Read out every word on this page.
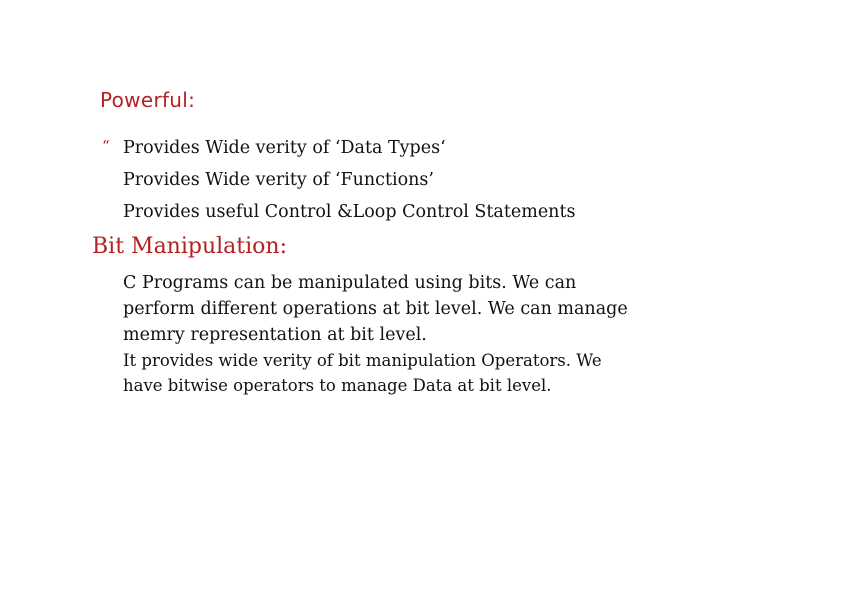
Powerful:
“ Provides Wide verity of ‘Data Types‘
Provides Wide verity of ‘Functions’
Provides useful Control &Loop Control Statements
Bit Manipulation:
C Programs can be manipulated using bits. We can
perform different operations at bit level. We can manage
memry representation at bit level.
It provides wide verity of bit manipulation Operators. We
have bitwise operators to manage Data at bit level.
